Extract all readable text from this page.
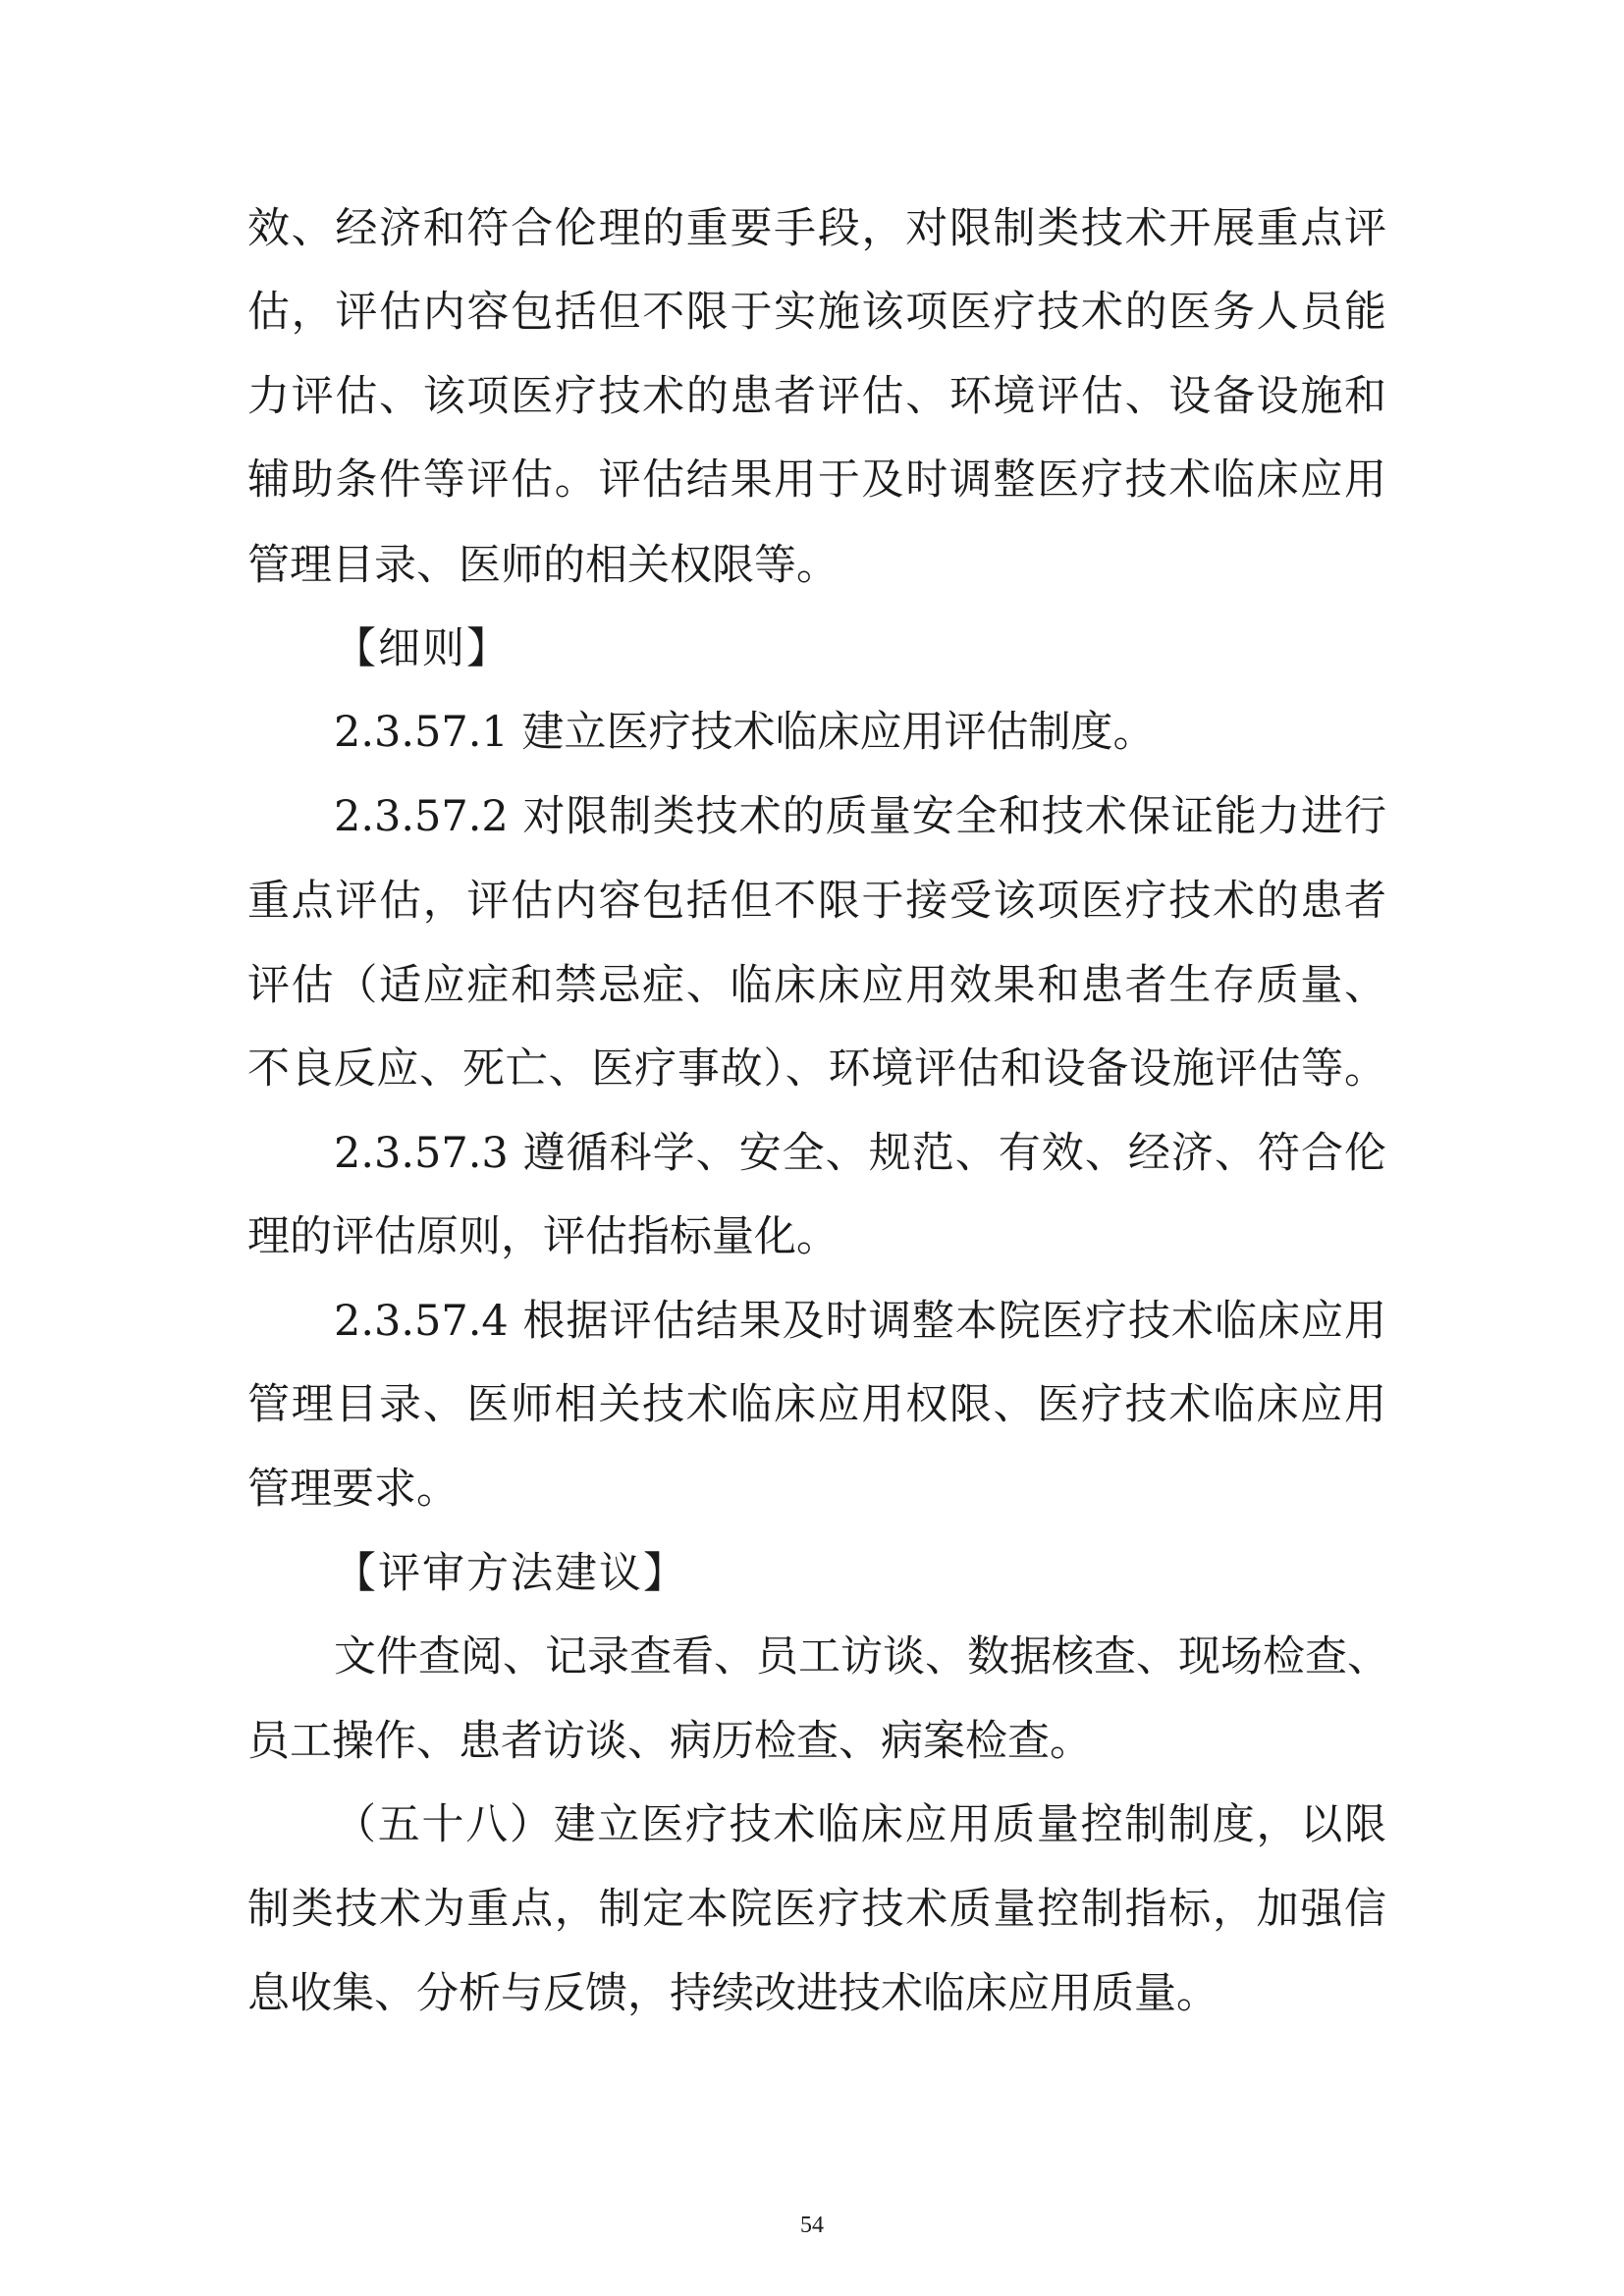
效、经济和符合伦理的重要手段，对限制类技术开展重点评
估，评估内容包括但不限于实施该项医疗技术的医务人员能
力评估、该项医疗技术的患者评估、环境评估、设备设施和
辅助条件等评估。评估结果用于及时调整医疗技术临床应用
管理目录、医师的相关权限等。
【细则】
2.3.57.1 建立医疗技术临床应用评估制度。
2.3.57.2 对限制类技术的质量安全和技术保证能力进行
重点评估，评估内容包括但不限于接受该项医疗技术的患者
评估（适应症和禁忌症、临床床应用效果和患者生存质量、
不良反应、死亡、医疗事故）、环境评估和设备设施评估等。
2.3.57.3 遵循科学、安全、规范、有效、经济、符合伦
理的评估原则，评估指标量化。
2.3.57.4 根据评估结果及时调整本院医疗技术临床应用
管理目录、医师相关技术临床应用权限、医疗技术临床应用
管理要求。
【评审方法建议】
文件查阅、记录查看、员工访谈、数据核查、现场检查、
员工操作、患者访谈、病历检查、病案检查。
（五十八）建立医疗技术临床应用质量控制制度，以限
制类技术为重点，制定本院医疗技术质量控制指标，加强信
息收集、分析与反馈，持续改进技术临床应用质量。
54
